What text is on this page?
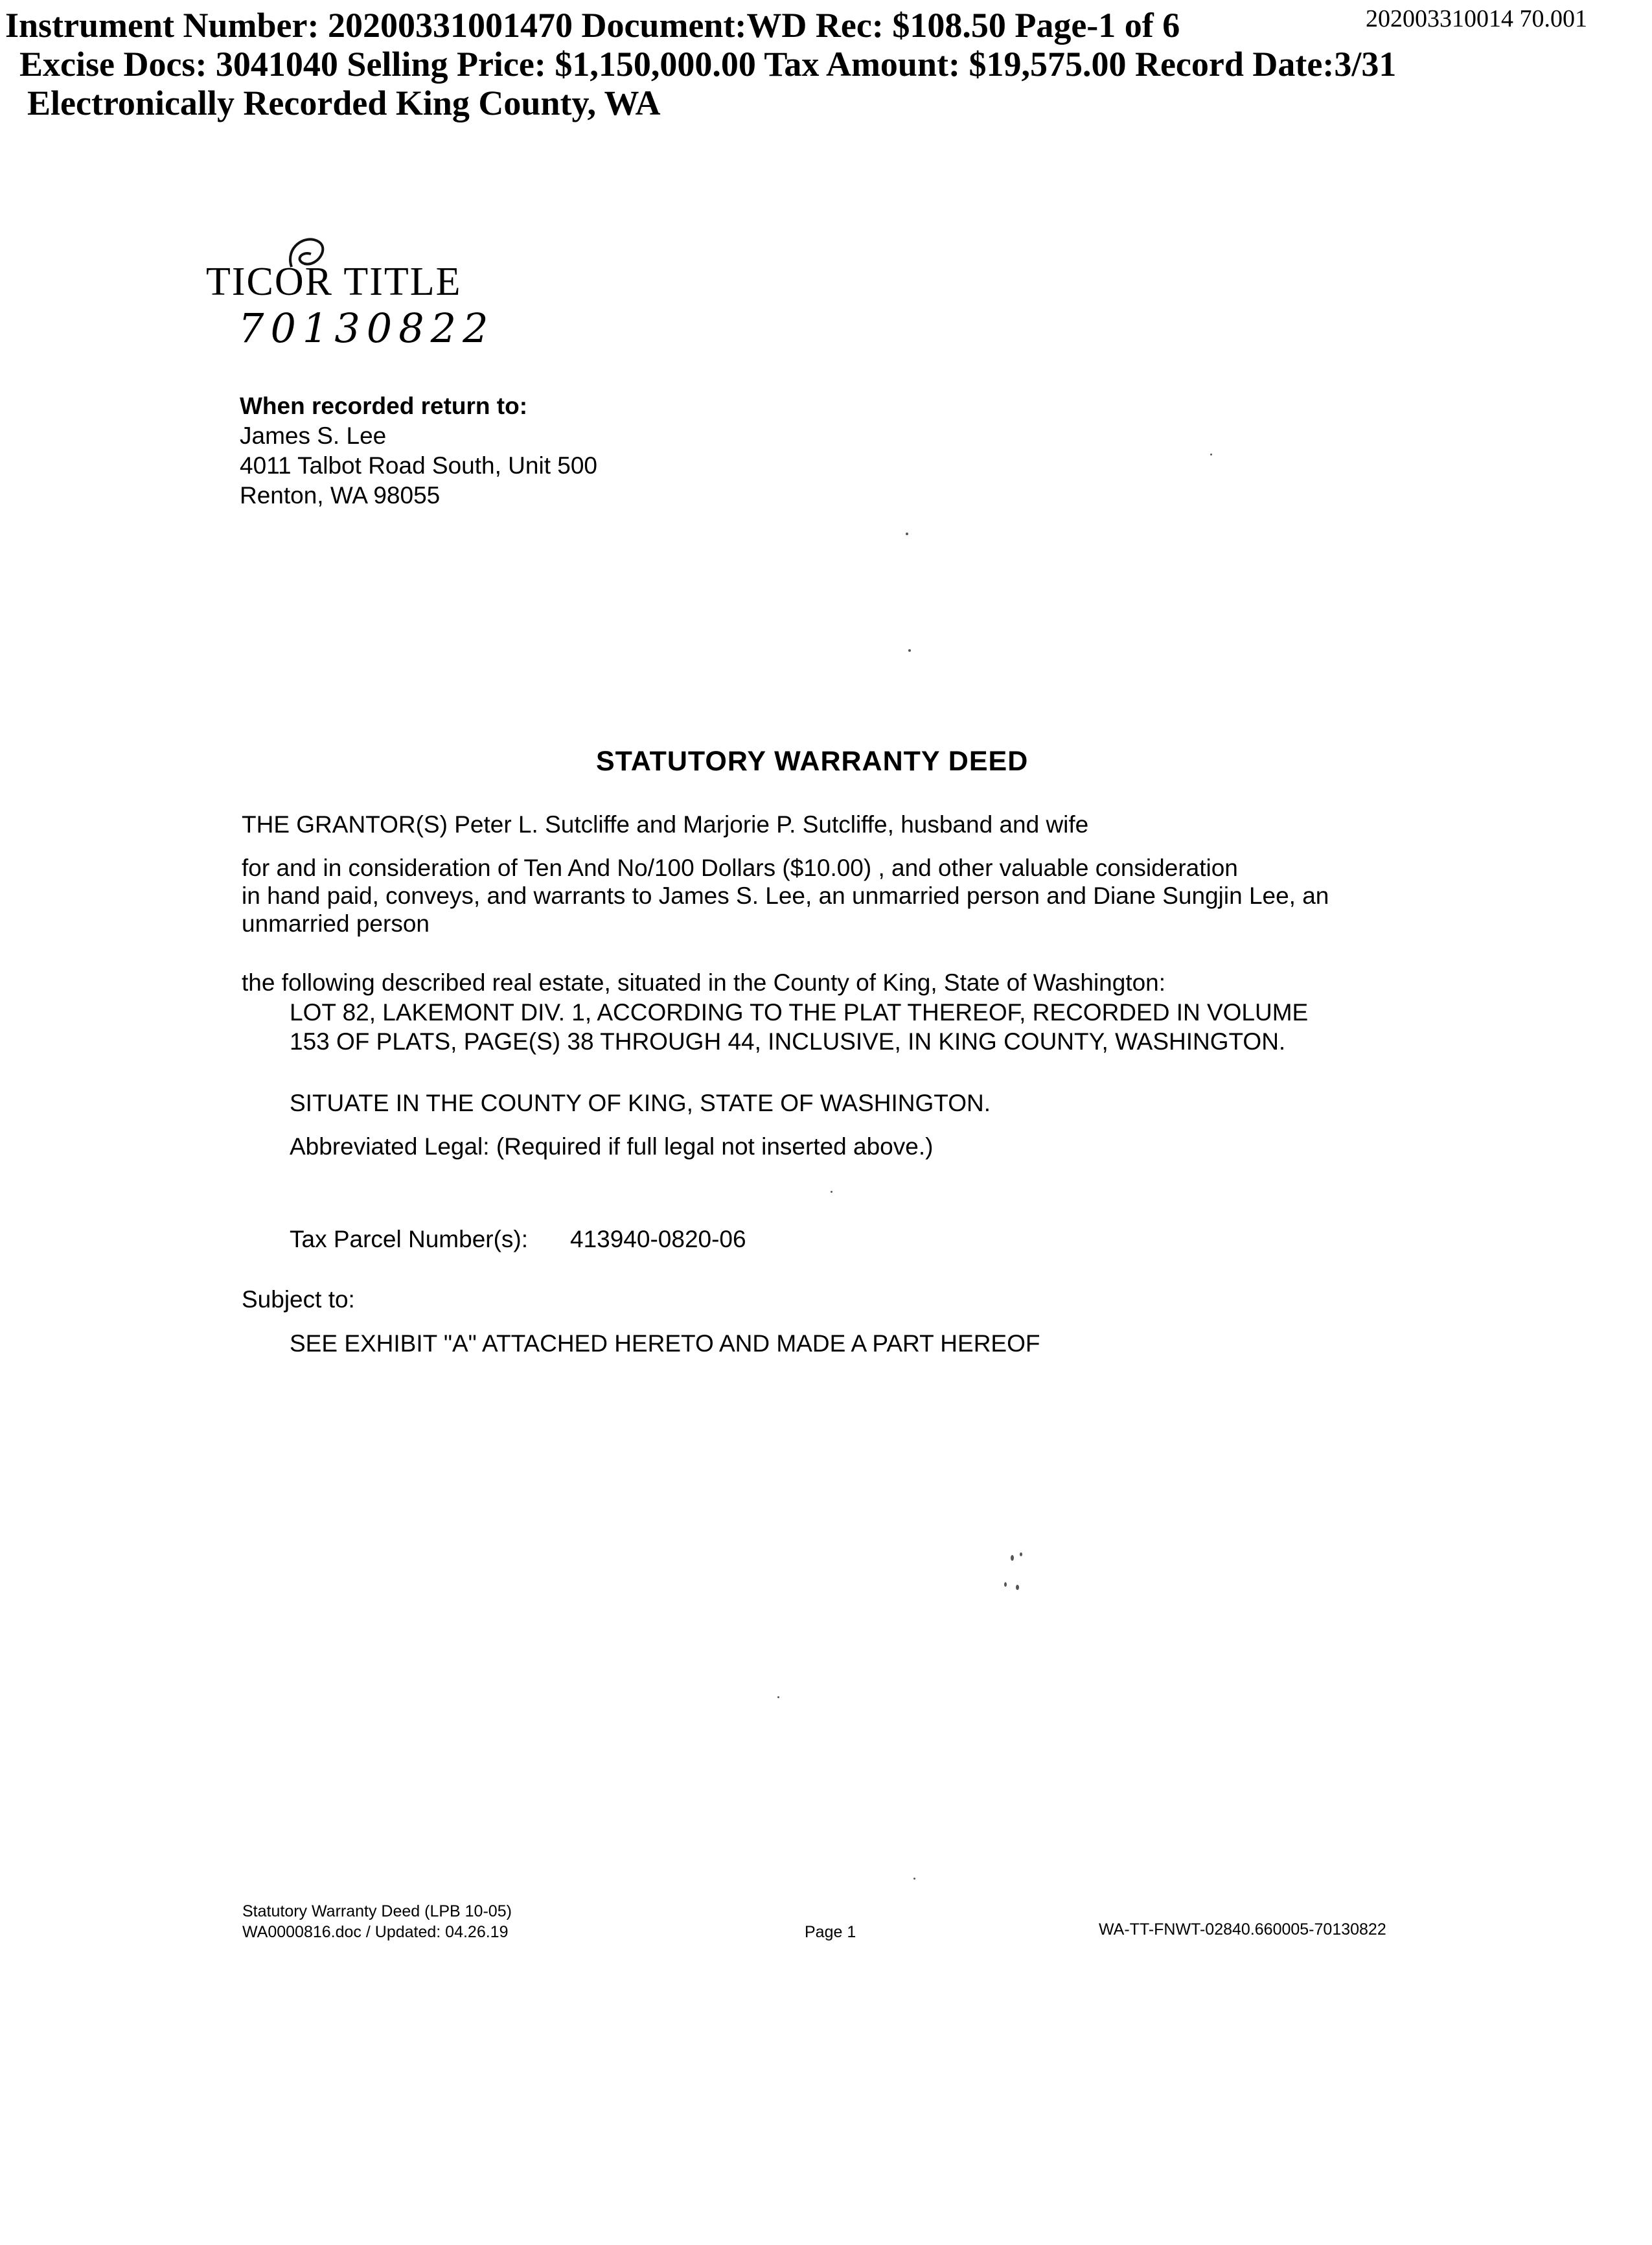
Instrument Number: 20200331001470 Document:WD Rec: $108.50 Page-1 of 6	202003310014 70.001
Excise Docs: 3041040 Selling Price: $1,150,000.00 Tax Amount: $19,575.00 Record Date:3/31
Electronically Recorded King County, WA
TICOR TITLE
70130822
When recorded return to:
James S. Lee
4011 Talbot Road South, Unit 500
Renton, WA 98055
STATUTORY WARRANTY DEED
THE GRANTOR(S) Peter L. Sutcliffe and Marjorie P. Sutcliffe, husband and wife
for and in consideration of Ten And No/100 Dollars ($10.00) , and other valuable consideration
in hand paid, conveys, and warrants to James S. Lee, an unmarried person and Diane Sungjin Lee, an
unmarried person
the following described real estate, situated in the County of King, State of Washington:
LOT 82, LAKEMONT DIV. 1, ACCORDING TO THE PLAT THEREOF, RECORDED IN VOLUME
153 OF PLATS, PAGE(S) 38 THROUGH 44, INCLUSIVE, IN KING COUNTY, WASHINGTON.
SITUATE IN THE COUNTY OF KING, STATE OF WASHINGTON.
Abbreviated Legal: (Required if full legal not inserted above.)
Tax Parcel Number(s): 413940-0820-06
Subject to:
SEE EXHIBIT "A" ATTACHED HERETO AND MADE A PART HEREOF
Statutory Warranty Deed (LPB 10-05)
WA0000816.doc / Updated: 04.26.19	Page 1	WA-TT-FNWT-02840.660005-70130822
